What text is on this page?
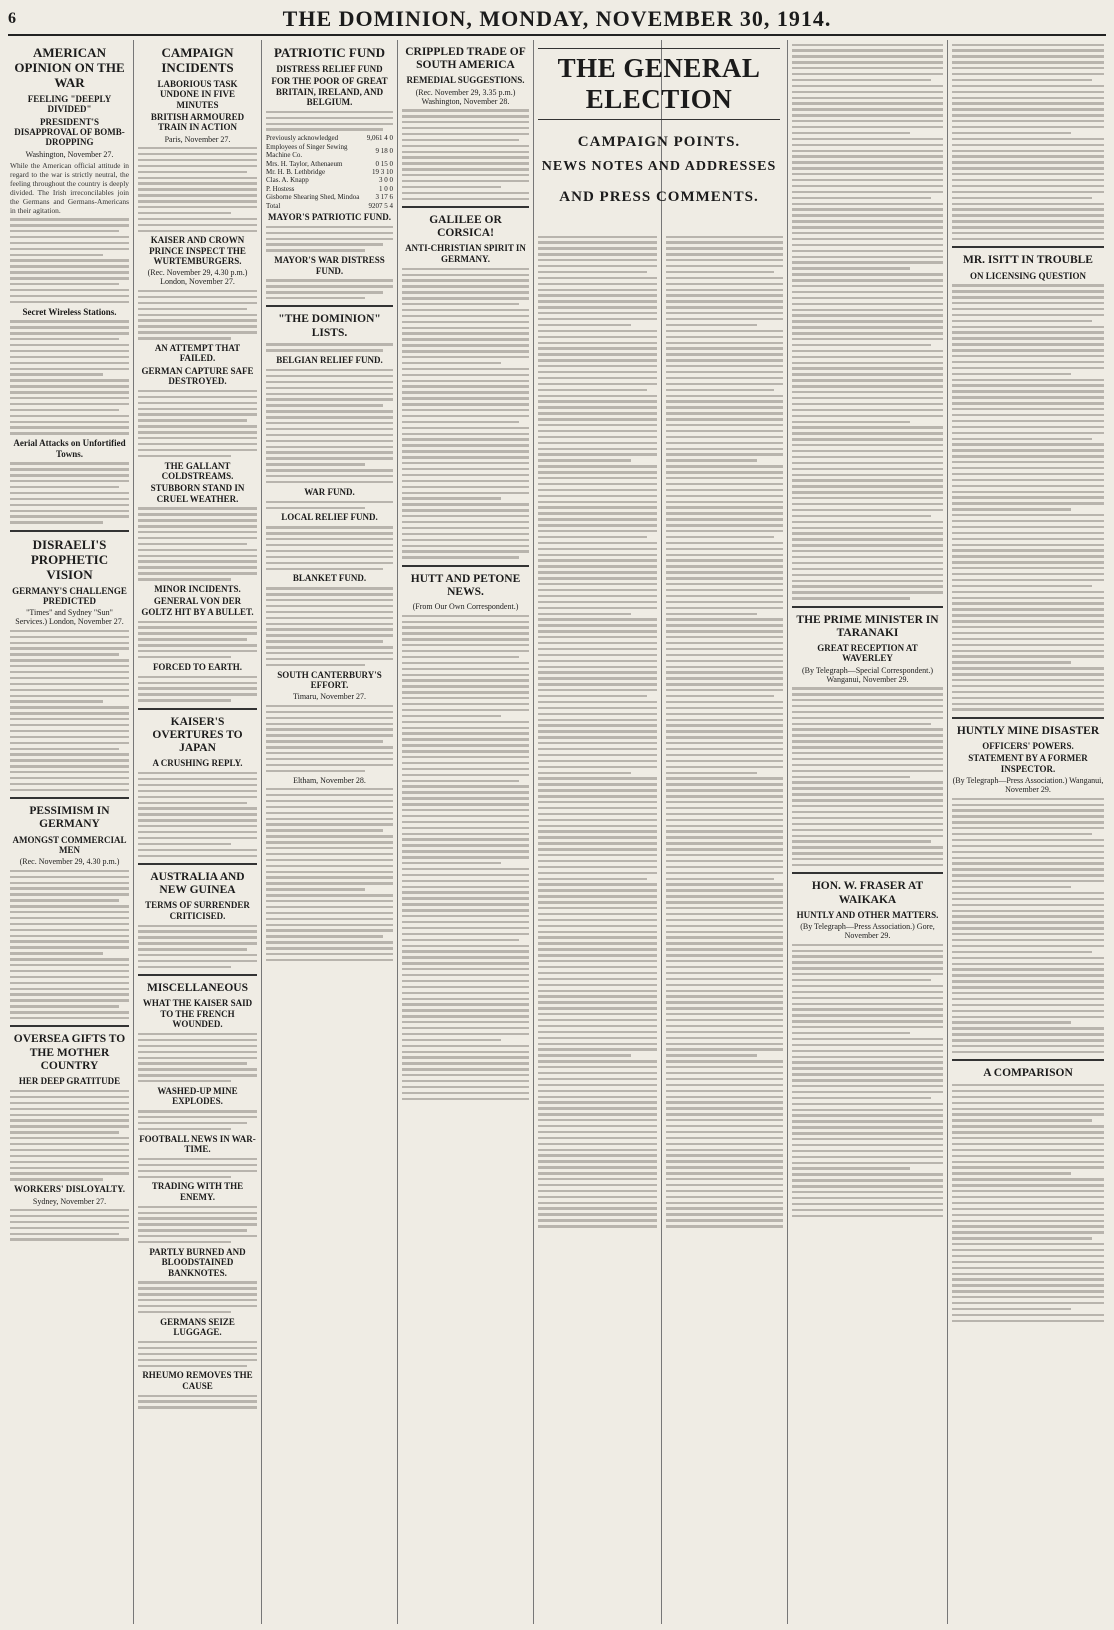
6	THE DOMINION, MONDAY, NOVEMBER 30, 1914.
AMERICAN OPINION ON THE WAR
FEELING "DEEPLY DIVIDED"
PRESIDENT'S DISAPPROVAL OF BOMB-DROPPING
Washington, November 27.

While the American official attitude in regard to the war is strictly neutral, the feeling throughout the country is deeply divided. The Irish irreconcilables join the Germans and Germans-Americans in their agitation.

Secret Wireless Stations.
Aerial Attacks on Unfortified Towns.
DISRAELI'S PROPHETIC VISION
GERMANY'S CHALLENGE PREDICTED
"Times" and Sydney "Sun" Services.) London, November 27.
PESSIMISM IN GERMANY
AMONGST COMMERCIAL MEN
(Rec. November 29, 4.30 p.m.)
OVERSEA GIFTS TO THE MOTHER COUNTRY
HER DEEP GRATITUDE
WORKERS' DISLOYALTY.
Sydney, November 27.
CAMPAIGN INCIDENTS
LABORIOUS TASK UNDONE IN FIVE MINUTES
BRITISH ARMOURED TRAIN IN ACTION
Paris, November 27.
KAISER AND CROWN PRINCE INSPECT THE WURTEMBURGERS.
(Rec. November 29, 4.30 p.m.) London, November 27.
AN ATTEMPT THAT FAILED.
GERMAN CAPTURE SAFE DESTROYED.
THE GALLANT COLDSTREAMS.
STUBBORN STAND IN CRUEL WEATHER.
MINOR INCIDENTS.
GENERAL VON DER GOLTZ HIT BY A BULLET.
FORCED TO EARTH.
KAISER'S OVERTURES TO JAPAN
A CRUSHING REPLY.
AUSTRALIA AND NEW GUINEA
TERMS OF SURRENDER CRITICISED.
MISCELLANEOUS
WHAT THE KAISER SAID TO THE FRENCH WOUNDED.
WASHED-UP MINE EXPLODES.
FOOTBALL NEWS IN WAR-TIME.
TRADING WITH THE ENEMY.
PARTLY BURNED AND BLOODSTAINED BANKNOTES.
GERMANS SEIZE LUGGAGE.
RHEUMO REMOVES THE CAUSE
PATRIOTIC FUND
DISTRESS RELIEF FUND
FOR THE POOR OF GREAT BRITAIN, IRELAND, AND BELGIUM.
Previously acknowledged	9,061 4 0
Employees of Singer Sewing Machine Co.	9 18 0
Mrs. H. Taylor, Athenaeum	0 15 0
Mr. H. B. Lethbridge	19 3 10
Clas. A. Knapp	3 0 0
P. Hostess	1 0 0
Gisborne Shearing Shed, Mindoa	3 17 6
Total	9207 5 4
MAYOR'S PATRIOTIC FUND.
MAYOR'S WAR DISTRESS FUND.
"THE DOMINION" LISTS.
BELGIAN RELIEF FUND.
WAR FUND.
LOCAL RELIEF FUND.
BLANKET FUND.
SOUTH CANTERBURY'S EFFORT.
Timaru, November 27.
Eltham, November 28.
CRIPPLED TRADE OF SOUTH AMERICA
REMEDIAL SUGGESTIONS.
(Rec. November 29, 3.35 p.m.) Washington, November 28.
GALILEE OR CORSICA!
ANTI-CHRISTIAN SPIRIT IN GERMANY.
HUTT AND PETONE NEWS.
(From Our Own Correspondent.)
THE GENERAL ELECTION
CAMPAIGN POINTS.
NEWS NOTES AND ADDRESSES
AND PRESS COMMENTS.
THE PRIME MINISTER IN TARANAKI
GREAT RECEPTION AT WAVERLEY
(By Telegraph—Special Correspondent.) Wanganui, November 29.
HON. W. FRASER AT WAIKAKA
HUNTLY AND OTHER MATTERS.
(By Telegraph—Press Association.) Gore, November 29.
MR. ISITT IN TROUBLE
ON LICENSING QUESTION
HUNTLY MINE DISASTER
OFFICERS' POWERS.
STATEMENT BY A FORMER INSPECTOR.
(By Telegraph—Press Association.) Wanganui, November 29.
A COMPARISON
